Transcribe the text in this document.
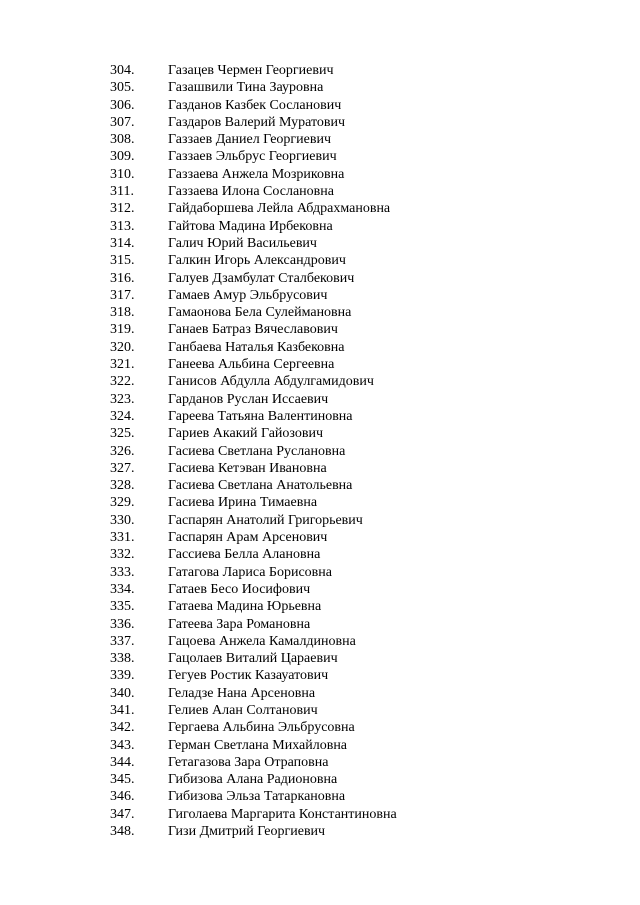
304.	Газацев Чермен Георгиевич
305.	Газашвили Тина Зауровна
306.	Газданов Казбек Сосланович
307.	Газдаров Валерий Муратович
308.	Газзаев Даниел Георгиевич
309.	Газзаев Эльбрус Георгиевич
310.	Газзаева Анжела Мозриковна
311.	Газзаева Илона Сослановна
312.	Гайдаборшева Лейла Абдрахмановна
313.	Гайтова Мадина Ирбековна
314.	Галич Юрий Васильевич
315.	Галкин Игорь Александрович
316.	Галуев Дзамбулат Сталбекович
317.	Гамаев Амур Эльбрусович
318.	Гамаонова Бела Сулеймановна
319.	Ганаев Батраз Вячеславович
320.	Ганбаева Наталья Казбековна
321.	Ганеева Альбина Сергеевна
322.	Ганисов Абдулла Абдулгамидович
323.	Гарданов Руслан Иссаевич
324.	Гареева Татьяна Валентиновна
325.	Гариев Акакий Гайозович
326.	Гасиева Светлана Руслановна
327.	Гасиева Кетэван Ивановна
328.	Гасиева Светлана Анатольевна
329.	Гасиева Ирина Тимаевна
330.	Гаспарян Анатолий Григорьевич
331.	Гаспарян Арам Арсенович
332.	Гассиева Белла Алановна
333.	Гатагова Лариса Борисовна
334.	Гатаев Бесо Иосифович
335.	Гатаева Мадина Юрьевна
336.	Гатеева Зара Романовна
337.	Гацоева Анжела Камалдиновна
338.	Гацолаев Виталий Цараевич
339.	Гегуев Ростик Казауатович
340.	Геладзе Нана Арсеновна
341.	Гелиев Алан Солтанович
342.	Гергаева Альбина Эльбрусовна
343.	Герман Светлана Михайловна
344.	Гетагазова Зара Отраповна
345.	Гибизова Алана Радионовна
346.	Гибизова Эльза Татаркановна
347.	Гиголаева Маргарита Константиновна
348.	Гизи Дмитрий Георгиевич
